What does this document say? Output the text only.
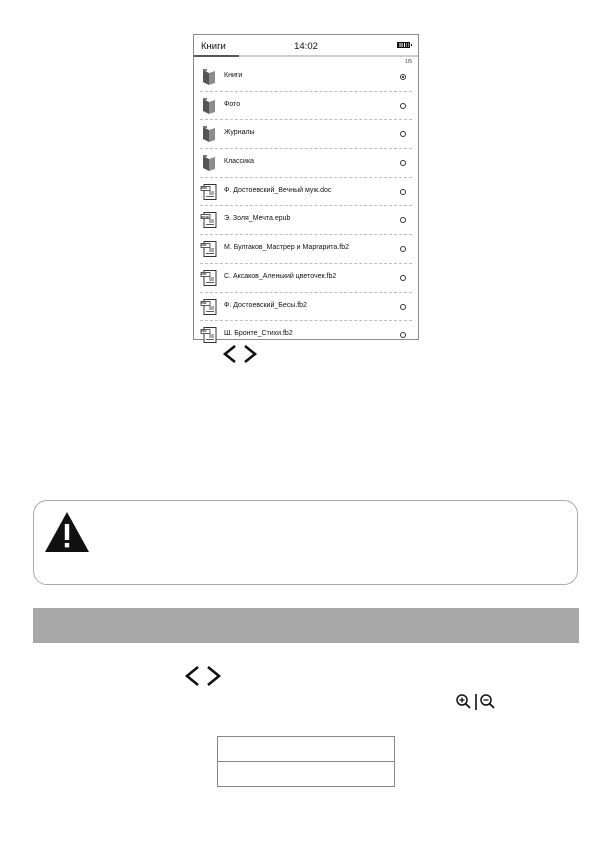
Книги	14:02
1/5
Книги
Фото
Журналы
Классика
DOC Ф. Достоевский_Вечный муж.doc
EPUB Э. Золя_Мечта.epub
FB2	М. Булгаков_Мастрер и Маргарита.fb2
FB2	С. Аксаков_Аленький цветочек.fb2
FB2	Ф. Достоевский_Бесы.fb2
FB2	Ш. Бронте_Стихи.fb2
